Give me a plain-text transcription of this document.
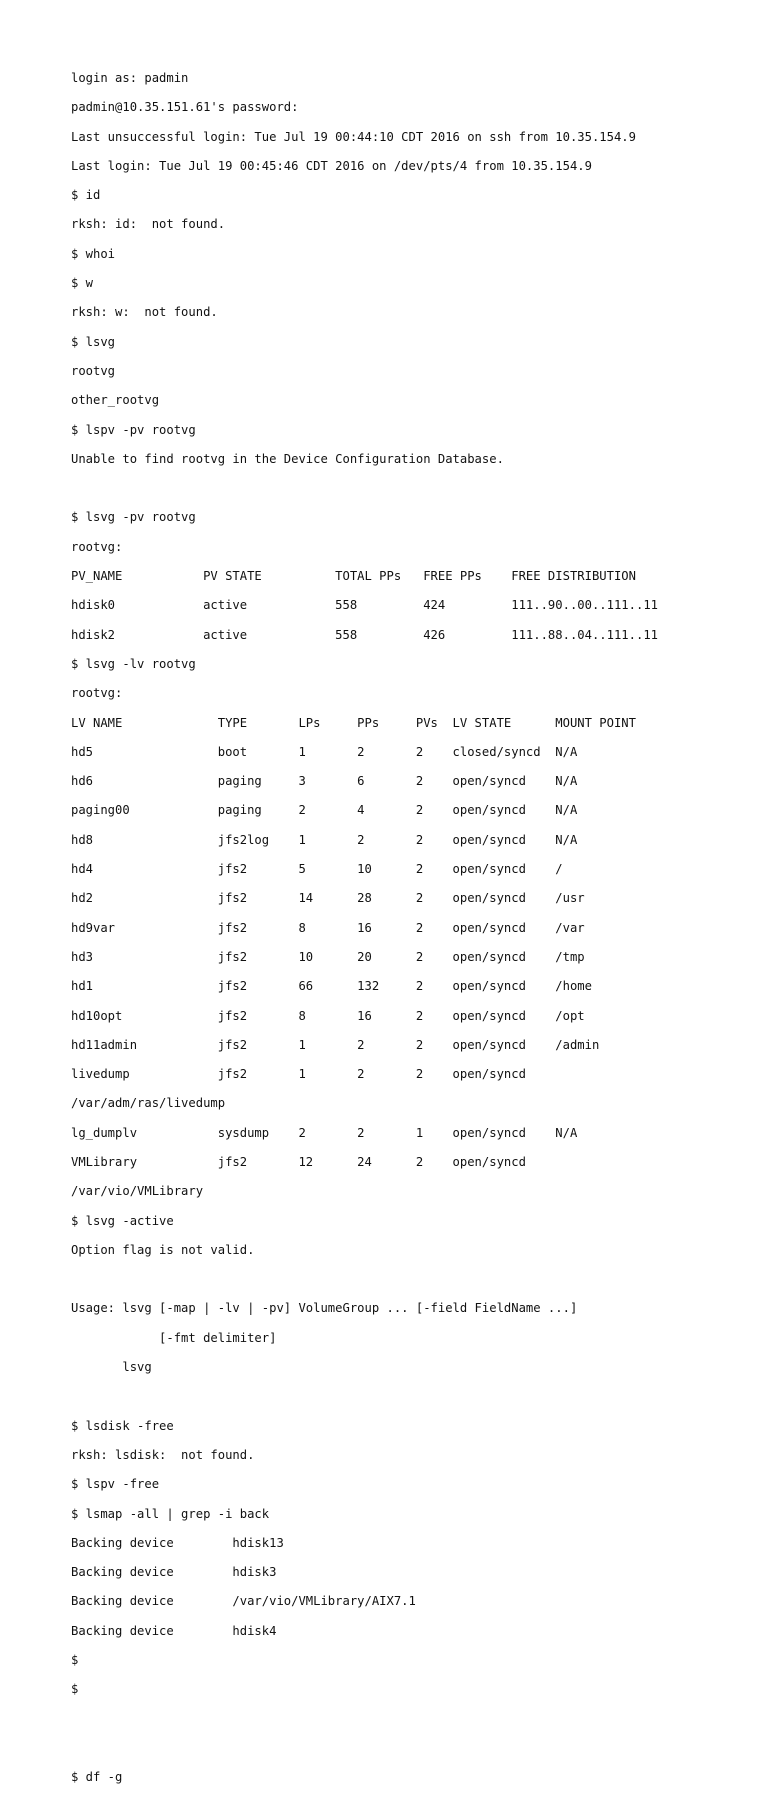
login as: padmin

padmin@10.35.151.61's password:

Last unsuccessful login: Tue Jul 19 00:44:10 CDT 2016 on ssh from 10.35.154.9

Last login: Tue Jul 19 00:45:46 CDT 2016 on /dev/pts/4 from 10.35.154.9

$ id

rksh: id:  not found.

$ whoi

$ w

rksh: w:  not found.

$ lsvg

rootvg

other_rootvg

$ lspv -pv rootvg

Unable to find rootvg in the Device Configuration Database.

$ lsvg -pv rootvg

rootvg:

PV_NAME           PV STATE          TOTAL PPs   FREE PPs    FREE DISTRIBUTION

hdisk0            active            558         424         111..90..00..111..11

hdisk2            active            558         426         111..88..04..111..11

$ lsvg -lv rootvg

rootvg:

LV NAME             TYPE       LPs     PPs     PVs  LV STATE      MOUNT POINT

hd5                 boot       1       2       2    closed/syncd  N/A

hd6                 paging     3       6       2    open/syncd    N/A

paging00            paging     2       4       2    open/syncd    N/A

hd8                 jfs2log    1       2       2    open/syncd    N/A

hd4                 jfs2       5       10      2    open/syncd    /

hd2                 jfs2       14      28      2    open/syncd    /usr

hd9var              jfs2       8       16      2    open/syncd    /var

hd3                 jfs2       10      20      2    open/syncd    /tmp

hd1                 jfs2       66      132     2    open/syncd    /home

hd10opt             jfs2       8       16      2    open/syncd    /opt

hd11admin           jfs2       1       2       2    open/syncd    /admin

livedump            jfs2       1       2       2    open/syncd

/var/adm/ras/livedump

lg_dumplv           sysdump    2       2       1    open/syncd    N/A

VMLibrary           jfs2       12      24      2    open/syncd

/var/vio/VMLibrary

$ lsvg -active

Option flag is not valid.

Usage: lsvg [-map | -lv | -pv] VolumeGroup ... [-field FieldName ...]

[-fmt delimiter]

lsvg

$ lsdisk -free

rksh: lsdisk:  not found.

$ lspv -free

$ lsmap -all | grep -i back

Backing device        hdisk13

Backing device        hdisk3

Backing device        /var/vio/VMLibrary/AIX7.1

Backing device        hdisk4

$

$

$ df -g
